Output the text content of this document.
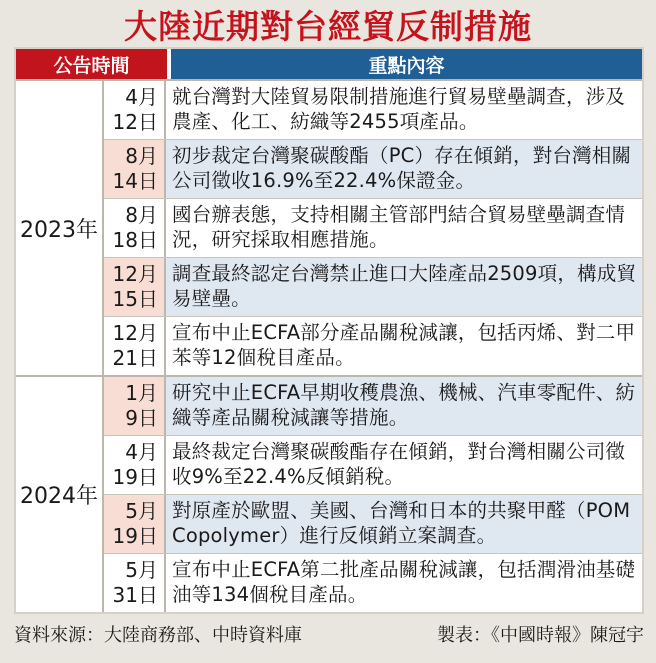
大陸近期對台經貿反制措施
公告時間	重點內容
2023年
4月
12日
就台灣對大陸貿易限制措施進行貿易壁壘調查，涉及農產、化工、紡織等2455項產品。
8月
14日
初步裁定台灣聚碳酸酯（PC）存在傾銷，對台灣相關公司徵收16.9%至22.4%保證金。
8月
18日
國台辦表態，支持相關主管部門結合貿易壁壘調查情況，研究採取相應措施。
12月
15日
調查最終認定台灣禁止進口大陸產品2509項，構成貿易壁壘。
12月
21日
宣布中止ECFA部分產品關稅減讓，包括丙烯、對二甲苯等12個稅目產品。
2024年
1月
9日
研究中止ECFA早期收穫農漁、機械、汽車零配件、紡織等產品關稅減讓等措施。
4月
19日
最終裁定台灣聚碳酸酯存在傾銷，對台灣相關公司徵收9%至22.4%反傾銷稅。
5月
19日
對原產於歐盟、美國、台灣和日本的共聚甲醛（POM Copolymer）進行反傾銷立案調查。
5月
31日
宣布中止ECFA第二批產品關稅減讓，包括潤滑油基礎油等134個稅目產品。
資料來源：大陸商務部、中時資料庫	製表：《中國時報》陳冠宇
